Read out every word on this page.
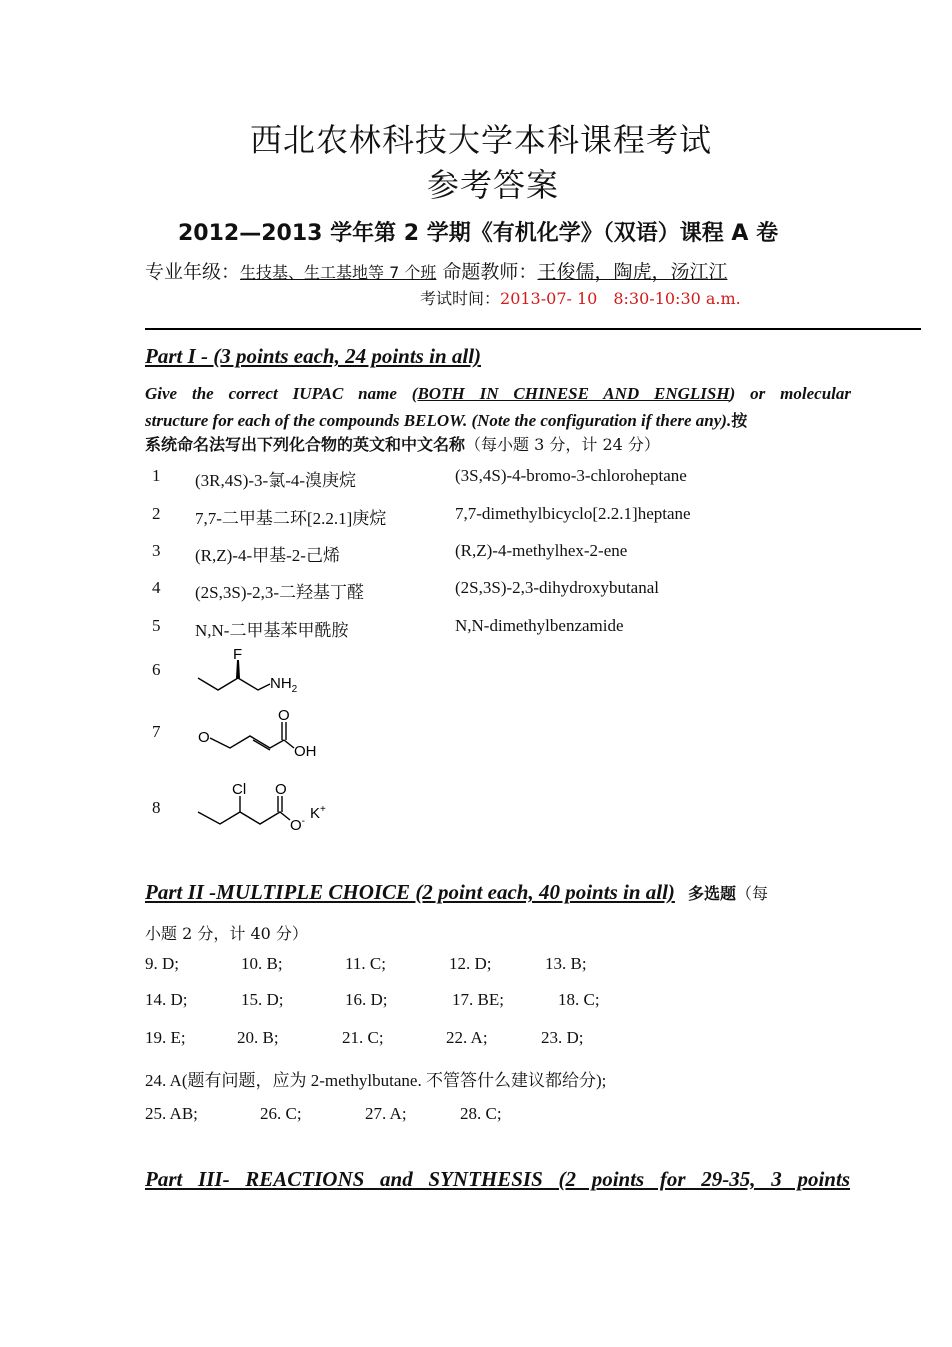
西北农林科技大学本科课程考试
参考答案
2012—2013 学年第 2 学期《有机化学》（双语）课程 A 卷
专业年级：生技基、生工基地等 7 个班 命题教师：王俊儒，陶虎，汤江江
考试时间：2013-07- 10　8:30-10:30 a.m.
Part I - (3 points each, 24 points in all)
Give the correct IUPAC name (BOTH IN CHINESE AND ENGLISH) or molecular
structure for each of the compounds BELOW. (Note the configuration if there any).按
系统命名法写出下列化合物的英文和中文名称（每小题 3 分，计 24 分）
1 (3R,4S)-3-氯-4-溴庚烷	(3S,4S)-4-bromo-3-chloroheptane
2 7,7-二甲基二环[2.2.1]庚烷	7,7-dimethylbicyclo[2.2.1]heptane
3 (R,Z)-4-甲基-2-己烯	(R,Z)-4-methylhex-2-ene
4 (2S,3S)-2,3-二羟基丁醛	(2S,3S)-2,3-dihydroxybutanal
5 N,N-二甲基苯甲酰胺	N,N-dimethylbenzamide
6
F
$NH_2$
7	O
O
OH
8
Cl O
O- K+
Part II -MULTIPLE CHOICE (2 point each, 40 points in all) 多选题（每
小题 2 分，计 40 分）
9. D;	10. B;	11. C;	12. D;	13. B;
14. D;	15. D;	16. D;	17. BE;	18. C;
19. E;	20. B;	21. C;	22. A;	23. D;
24. A(题有问题，应为 2-methylbutane. 不管答什么建议都给分);
25. AB;	26. C;	27. A;	28. C;
Part III- REACTIONS and SYNTHESIS (2 points for 29-35, 3 points
